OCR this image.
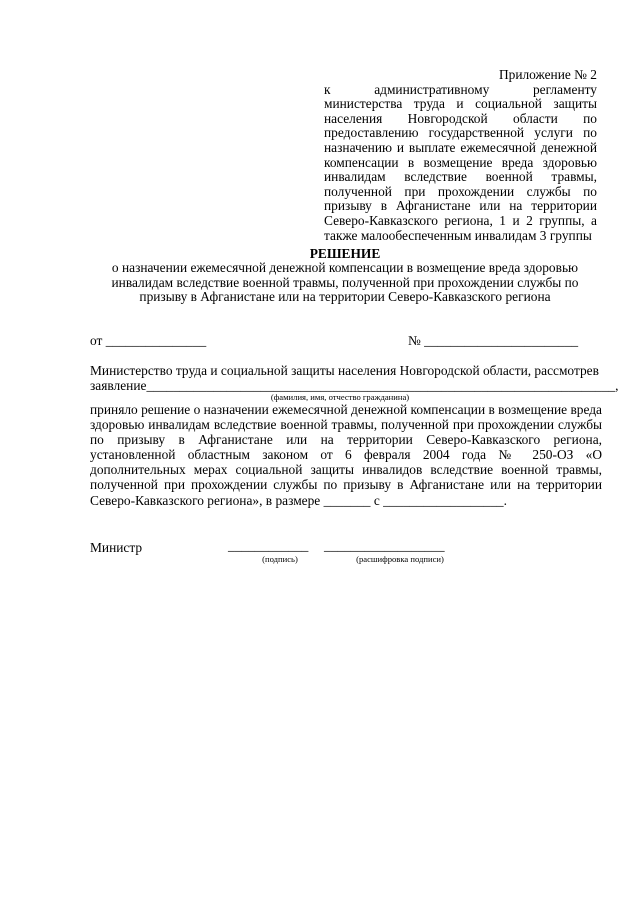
Приложение № 2
к административному регламенту министерства труда и социальной защиты населения Новгородской области по предоставлению государственной услуги по назначению и выплате ежемесячной денежной компенсации в возмещение вреда здоровью инвалидам вследствие военной травмы, полученной при прохождении службы по призыву в Афганистане или на территории Северо-Кавказского региона, 1 и 2 группы, а также малообеспеченным инвалидам 3 группы
РЕШЕНИЕ
о назначении ежемесячной денежной компенсации в возмещение вреда здоровью инвалидам вследствие военной травмы, полученной при прохождении службы по призыву в Афганистане или на территории Северо-Кавказского региона
от _______________	№ _______________________
Министерство труда и социальной защиты населения Новгородской области, рассмотрев
заявление______________________________________________________________________,
(фамилия, имя, отчество гражданина)
приняло решение о назначении ежемесячной денежной компенсации в возмещение вреда здоровью инвалидам вследствие военной травмы, полученной при прохождении службы по призыву в Афганистане или на территории Северо-Кавказского региона, установленной областным законом от 6 февраля 2004 года № 250-ОЗ «О дополнительных мерах социальной защиты инвалидов вследствие военной травмы, полученной при прохождении службы по призыву в Афганистане или на территории Северо-Кавказского региона», в размере _______ с __________________.
Министр	____________ __________________
(подпись)	(расшифровка подписи)
